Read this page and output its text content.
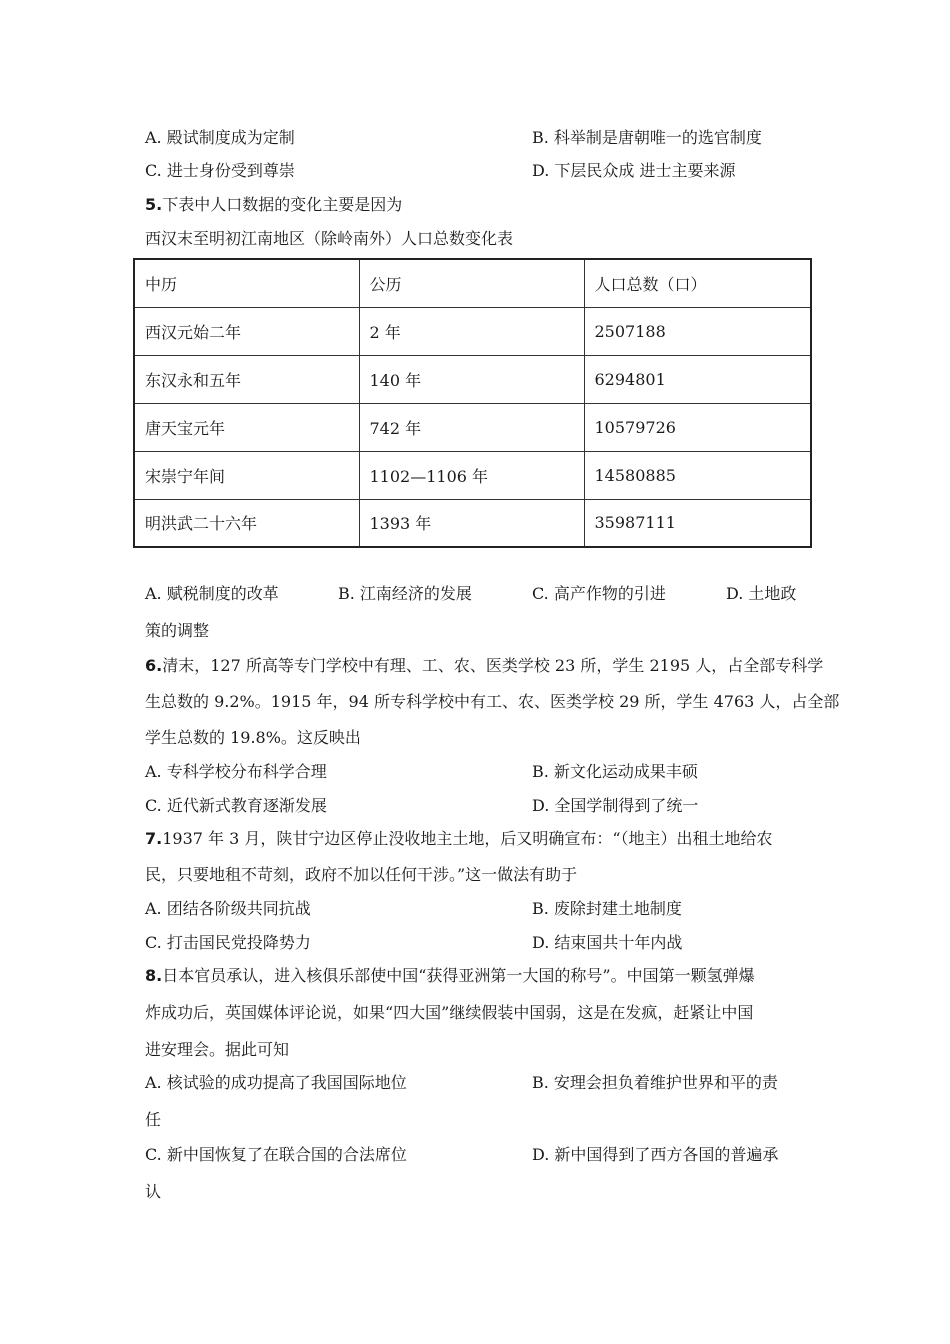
A. 殿试制度成为定制	B. 科举制是唐朝唯一的选官制度
C. 进士身份受到尊崇	D. 下层民众成 进士主要来源
5.下表中人口数据的变化主要是因为
西汉末至明初江南地区（除岭南外）人口总数变化表
中历	公历	人口总数（口）
西汉元始二年	2 年	2507188
东汉永和五年	140 年	6294801
唐天宝元年	742 年	10579726
宋崇宁年间	1102—1106 年	14580885
明洪武二十六年	1393 年	35987111
A. 赋税制度的改革	B. 江南经济的发展	C. 高产作物的引进	D. 土地政
策的调整
6.清末，127 所高等专门学校中有理、工、农、医类学校 23 所，学生 2195 人，占全部专科学
生总数的 9.2%。1915 年，94 所专科学校中有工、农、医类学校 29 所，学生 4763 人，占全部
学生总数的 19.8%。这反映出
A. 专科学校分布科学合理	B. 新文化运动成果丰硕
C. 近代新式教育逐渐发展	D. 全国学制得到了统一
7.1937 年 3 月，陕甘宁边区停止没收地主土地，后又明确宣布：“（地主）出租土地给农
民，只要地租不苛刻，政府不加以任何干涉。”这一做法有助于
A. 团结各阶级共同抗战	B. 废除封建土地制度
C. 打击国民党投降势力	D. 结束国共十年内战
8.日本官员承认，进入核俱乐部使中国“获得亚洲第一大国的称号”。中国第一颗氢弹爆
炸成功后，英国媒体评论说，如果“四大国”继续假装中国弱，这是在发疯，赶紧让中国
进安理会。据此可知
A. 核试验的成功提高了我国国际地位	B. 安理会担负着维护世界和平的责
任
C. 新中国恢复了在联合国的合法席位	D. 新中国得到了西方各国的普遍承
认
